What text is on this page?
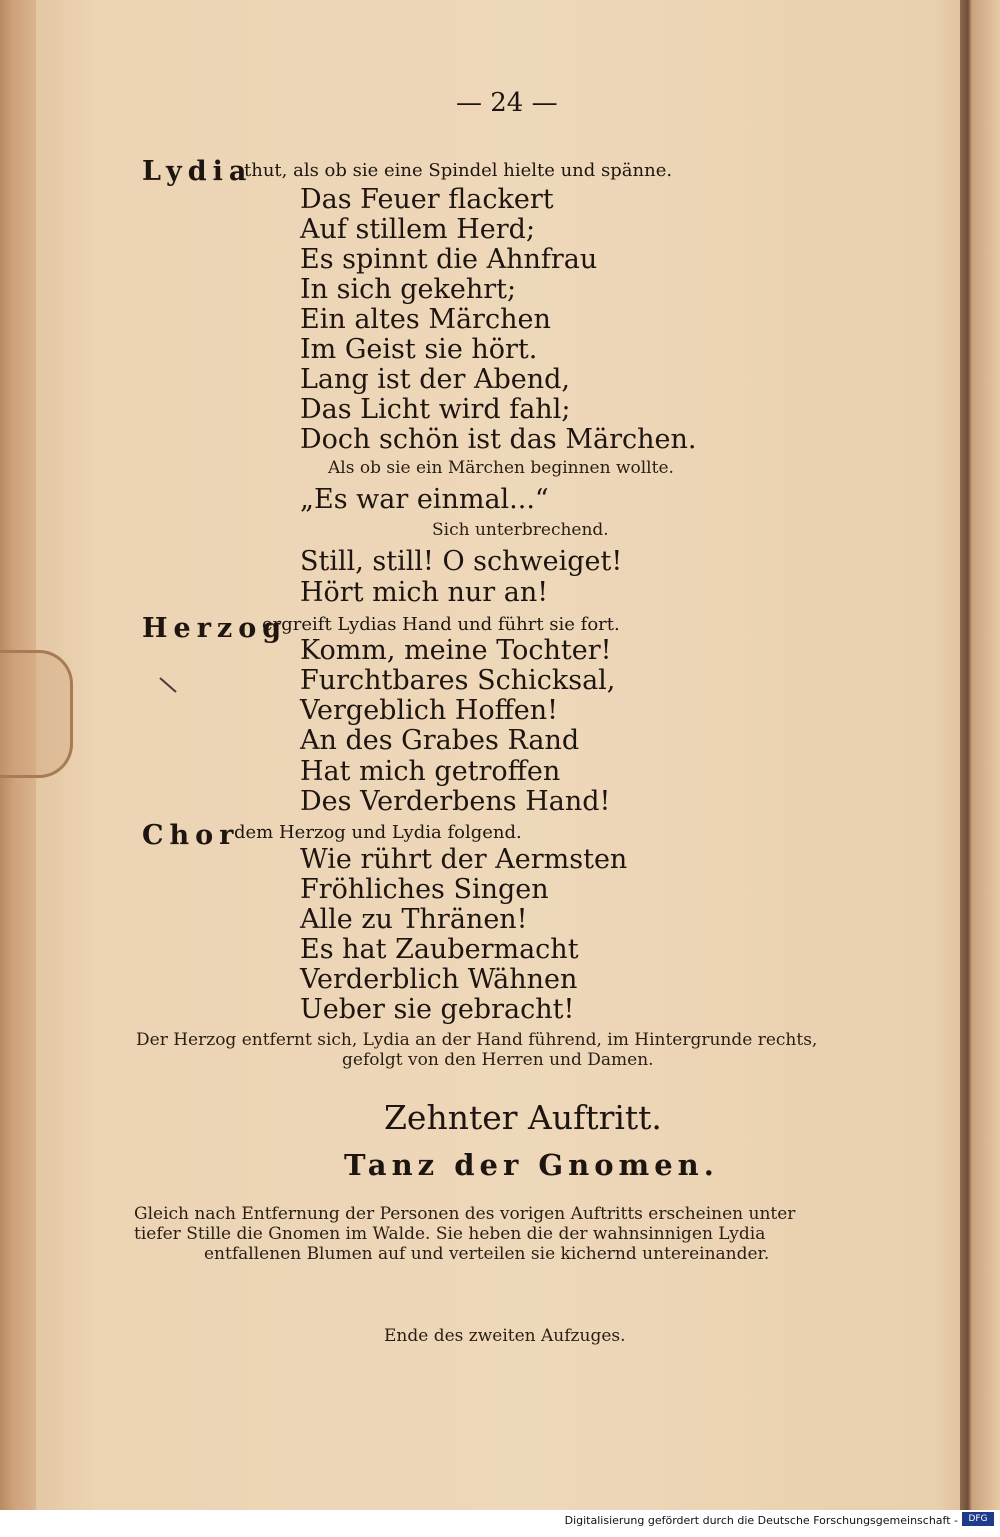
— 24 —
Lydia
thut, als ob sie eine Spindel hielte und spänne.
Das Feuer flackert
Auf stillem Herd;
Es spinnt die Ahnfrau
In sich gekehrt;
Ein altes Märchen
Im Geist sie hört.
Lang ist der Abend,
Das Licht wird fahl;
Doch schön ist das Märchen.
Als ob sie ein Märchen beginnen wollte.
„Es war einmal...“
Sich unterbrechend.
Still, still! O schweiget!
Hört mich nur an!
Herzog
ergreift Lydias Hand und führt sie fort.
Komm, meine Tochter!
Furchtbares Schicksal,
Vergeblich Hoffen!
An des Grabes Rand
Hat mich getroffen
Des Verderbens Hand!
Chor
dem Herzog und Lydia folgend.
Wie rührt der Aermsten
Fröhliches Singen
Alle zu Thränen!
Es hat Zaubermacht
Verderblich Wähnen
Ueber sie gebracht!
Der Herzog entfernt sich, Lydia an der Hand führend, im Hintergrunde rechts,
gefolgt von den Herren und Damen.
Zehnter Auftritt.
Tanz der Gnomen.
Gleich nach Entfernung der Personen des vorigen Auftritts erscheinen unter
tiefer Stille die Gnomen im Walde. Sie heben die der wahnsinnigen Lydia
entfallenen Blumen auf und verteilen sie kichernd untereinander.
Ende des zweiten Aufzuges.
Digitalisierung gefördert durch die Deutsche Forschungsgemeinschaft -	DFG
